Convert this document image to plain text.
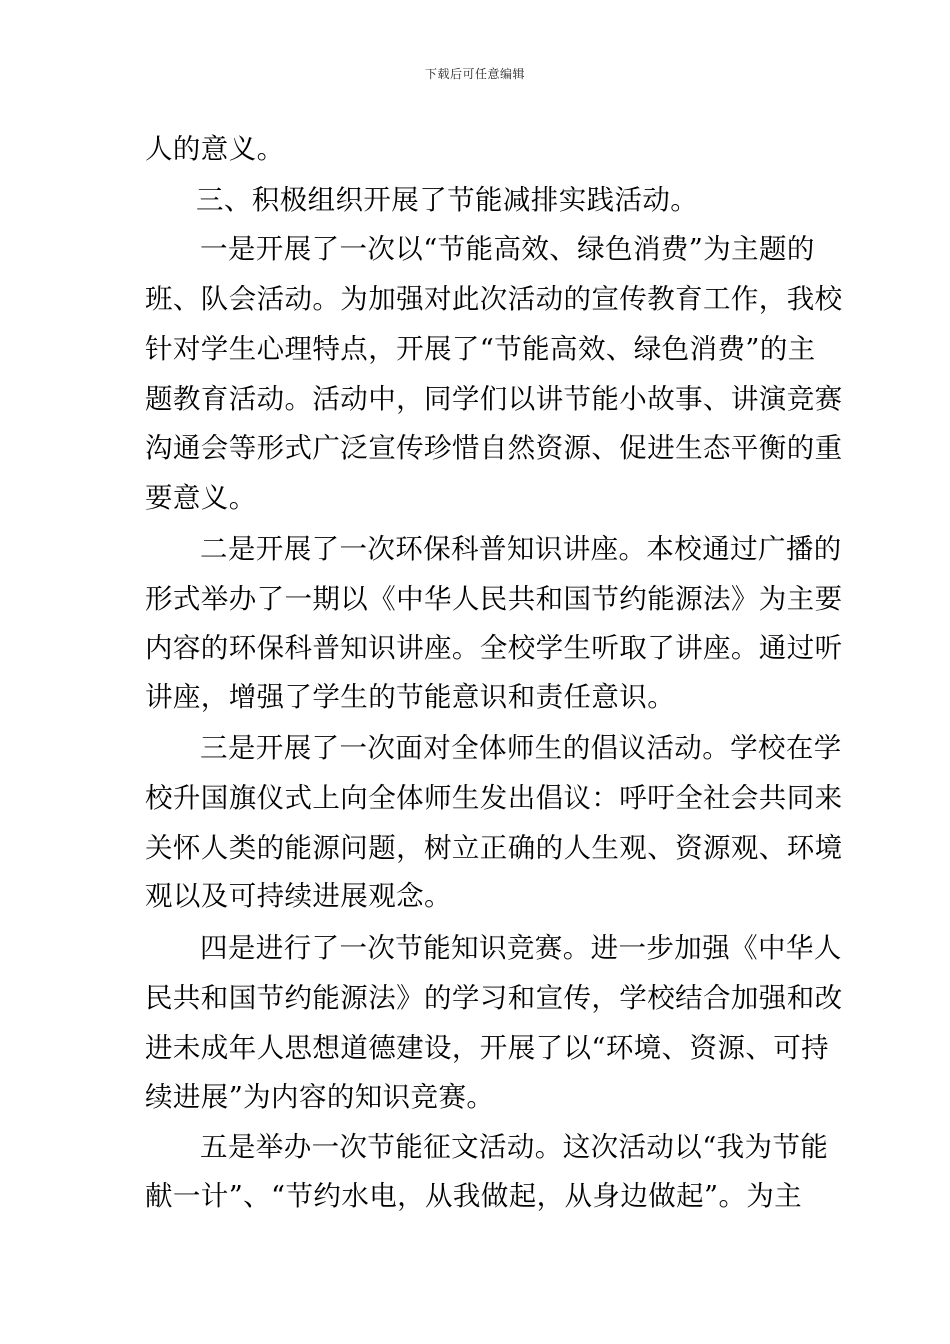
下载后可任意编辑
人的意义。
三、积极组织开展了节能减排实践活动。
一是开展了一次以“节能高效、绿色消费”为主题的
班、队会活动。为加强对此次活动的宣传教育工作，我校
针对学生心理特点，开展了“节能高效、绿色消费”的主
题教育活动。活动中，同学们以讲节能小故事、讲演竞赛
沟通会等形式广泛宣传珍惜自然资源、促进生态平衡的重
要意义。
二是开展了一次环保科普知识讲座。本校通过广播的
形式举办了一期以《中华人民共和国节约能源法》为主要
内容的环保科普知识讲座。全校学生听取了讲座。通过听
讲座，增强了学生的节能意识和责任意识。
三是开展了一次面对全体师生的倡议活动。学校在学
校升国旗仪式上向全体师生发出倡议：呼吁全社会共同来
关怀人类的能源问题，树立正确的人生观、资源观、环境
观以及可持续进展观念。
四是进行了一次节能知识竞赛。进一步加强《中华人
民共和国节约能源法》的学习和宣传，学校结合加强和改
进未成年人思想道德建设，开展了以“环境、资源、可持
续进展”为内容的知识竞赛。
五是举办一次节能征文活动。这次活动以“我为节能
献一计”、“节约水电，从我做起，从身边做起”。为主
